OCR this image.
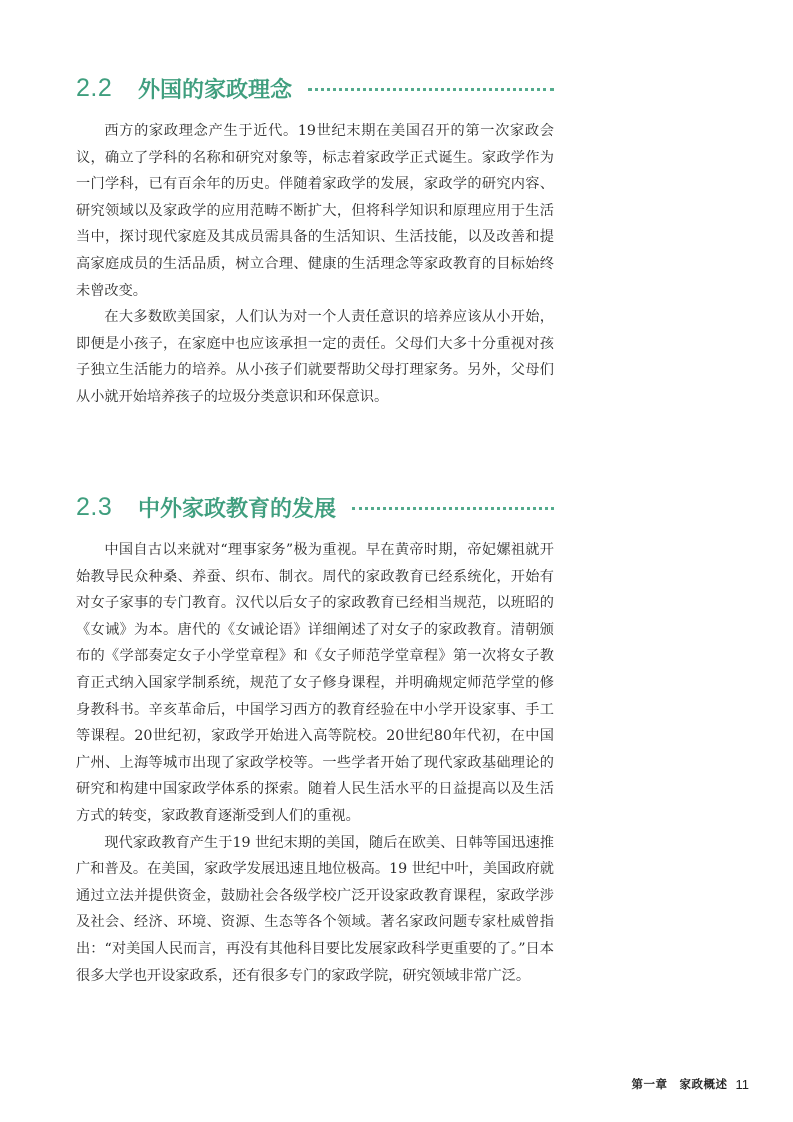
2.2	外国的家政理念

西方的家政理念产生于近代。19世纪末期在美国召开的第一次家政会议，确立了学科的名称和研究对象等，标志着家政学正式诞生。家政学作为一门学科，已有百余年的历史。伴随着家政学的发展，家政学的研究内容、研究领域以及家政学的应用范畴不断扩大，但将科学知识和原理应用于生活当中，探讨现代家庭及其成员需具备的生活知识、生活技能，以及改善和提高家庭成员的生活品质，树立合理、健康的生活理念等家政教育的目标始终未曾改变。

在大多数欧美国家，人们认为对一个人责任意识的培养应该从小开始，即便是小孩子，在家庭中也应该承担一定的责任。父母们大多十分重视对孩子独立生活能力的培养。从小孩子们就要帮助父母打理家务。另外，父母们从小就开始培养孩子的垃圾分类意识和环保意识。

2.3	中外家政教育的发展

中国自古以来就对“理事家务”极为重视。早在黄帝时期，帝妃嫘祖就开始教导民众种桑、养蚕、织布、制衣。周代的家政教育已经系统化，开始有对女子家事的专门教育。汉代以后女子的家政教育已经相当规范，以班昭的《女诫》为本。唐代的《女诫论语》详细阐述了对女子的家政教育。清朝颁布的《学部奏定女子小学堂章程》和《女子师范学堂章程》第一次将女子教育正式纳入国家学制系统，规范了女子修身课程，并明确规定师范学堂的修身教科书。辛亥革命后，中国学习西方的教育经验在中小学开设家事、手工等课程。20世纪初，家政学开始进入高等院校。20世纪80年代初，在中国广州、上海等城市出现了家政学校等。一些学者开始了现代家政基础理论的研究和构建中国家政学体系的探索。随着人民生活水平的日益提高以及生活方式的转变，家政教育逐渐受到人们的重视。

现代家政教育产生于19 世纪末期的美国，随后在欧美、日韩等国迅速推广和普及。在美国，家政学发展迅速且地位极高。19 世纪中叶，美国政府就通过立法并提供资金，鼓励社会各级学校广泛开设家政教育课程，家政学涉及社会、经济、环境、资源、生态等各个领域。著名家政问题专家杜威曾指出：“对美国人民而言，再没有其他科目要比发展家政科学更重要的了。”日本很多大学也开设家政系，还有很多专门的家政学院，研究领域非常广泛。

第一章　家政概述 11
